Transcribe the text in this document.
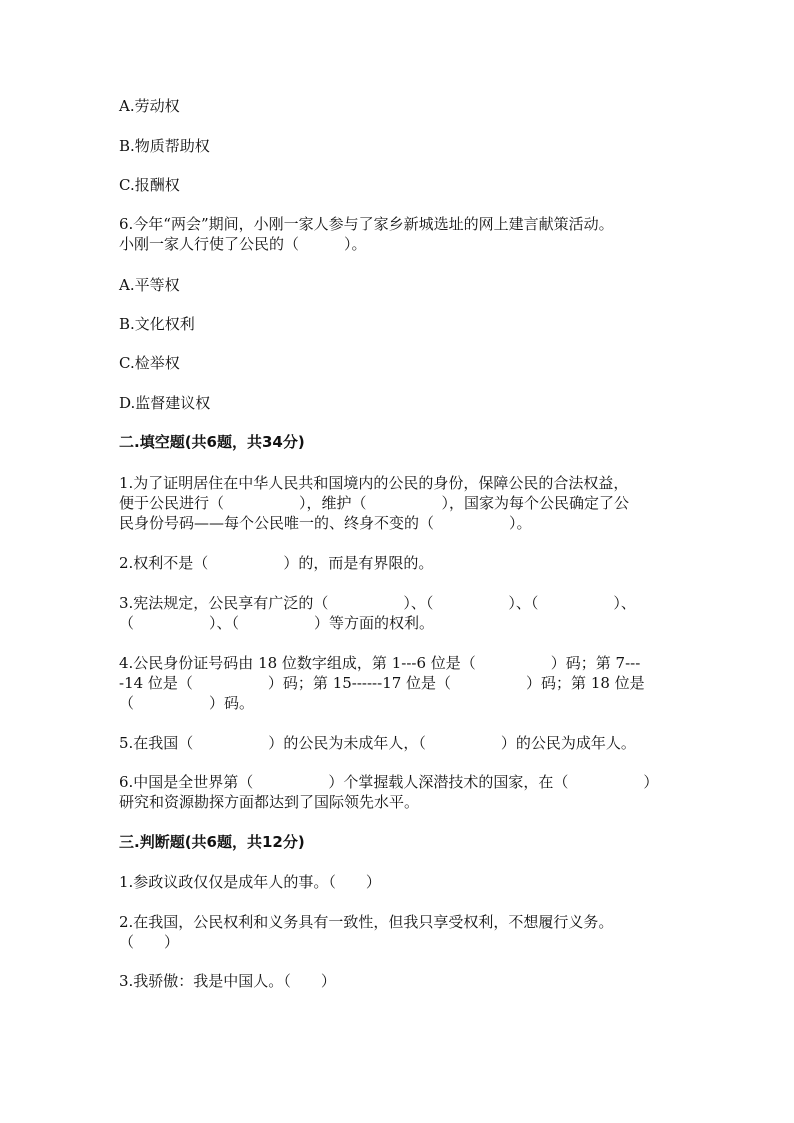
A.劳动权
B.物质帮助权
C.报酬权
6.今年“两会”期间，小刚一家人参与了家乡新城选址的网上建言献策活动。
小刚一家人行使了公民的（　　　）。
A.平等权
B.文化权利
C.检举权
D.监督建议权
二.填空题(共6题，共34分)
1.为了证明居住在中华人民共和国境内的公民的身份，保障公民的合法权益，
便于公民进行（　　　　　），维护（　　　　　），国家为每个公民确定了公
民身份号码——每个公民唯一的、终身不变的（　　　　　）。
2.权利不是（　　　　　）的，而是有界限的。
3.宪法规定，公民享有广泛的（　　　　　）、（　　　　　）、（　　　　　）、
（　　　　　）、（　　　　　）等方面的权利。
4.公民身份证号码由 18 位数字组成，第 1---6 位是（　　　　　）码；第 7---
-14 位是（　　　　　）码；第 15------17 位是（　　　　　）码；第 18 位是
（　　　　　）码。
5.在我国（　　　　　）的公民为未成年人，（　　　　　）的公民为成年人。
6.中国是全世界第（　　　　　）个掌握载人深潜技术的国家，在（　　　　　）
研究和资源勘探方面都达到了国际领先水平。
三.判断题(共6题，共12分)
1.参政议政仅仅是成年人的事。（　　）
2.在我国，公民权利和义务具有一致性，但我只享受权利，不想履行义务。
（　　）
3.我骄傲：我是中国人。（　　）
